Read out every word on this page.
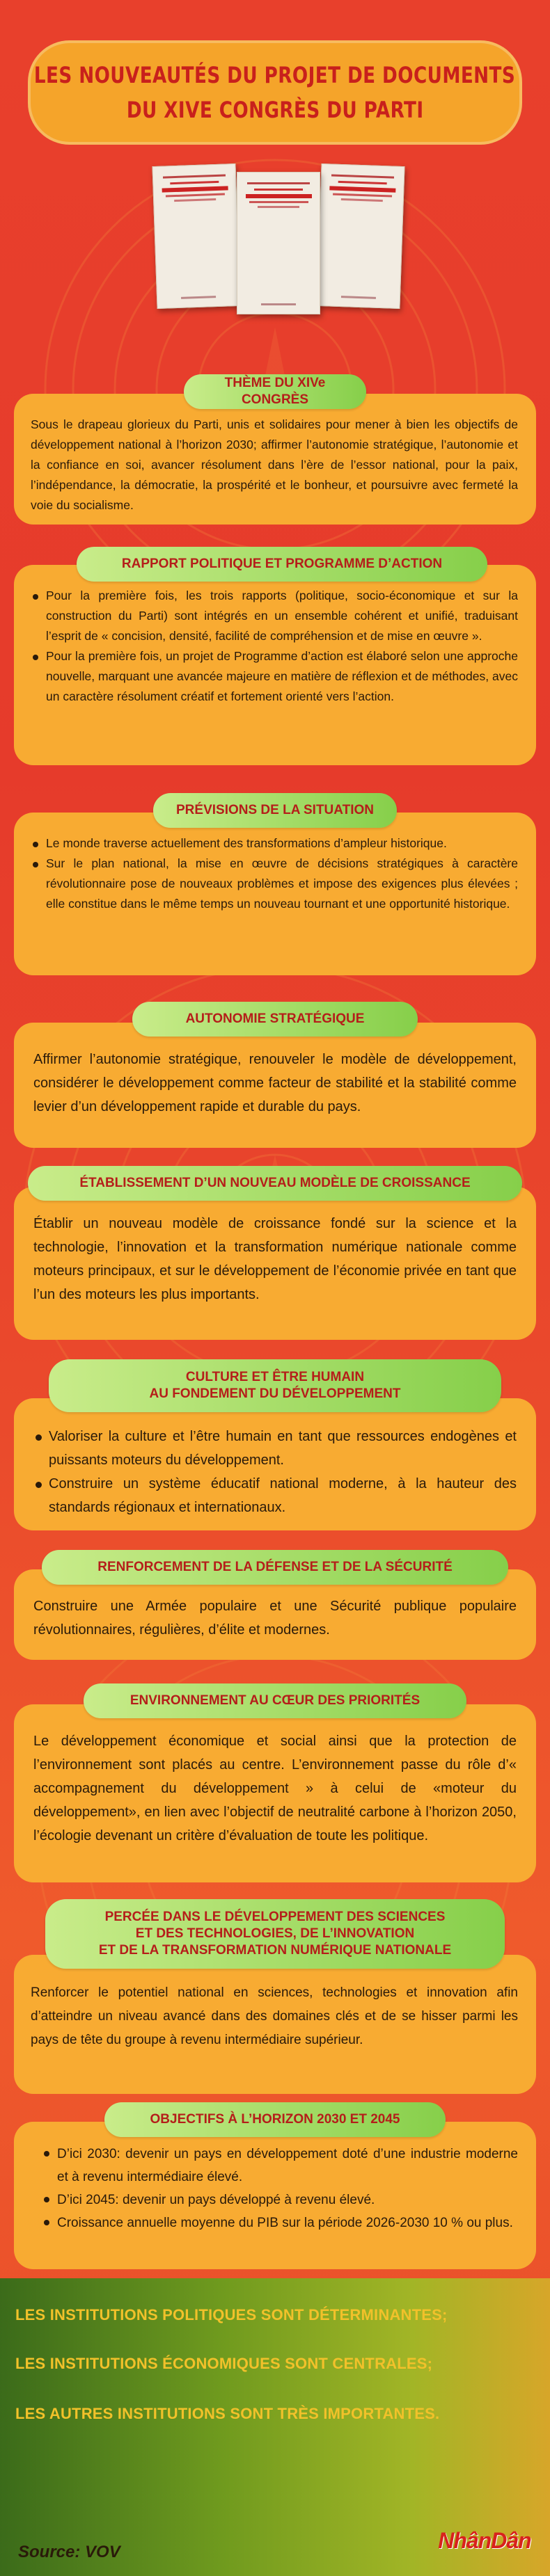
LES NOUVEAUTÉS DU PROJET DE DOCUMENTS
DU XIVE CONGRÈS DU PARTI
THÈME DU XIVe CONGRÈS

Sous le drapeau glorieux du Parti, unis et solidaires pour mener à bien les objectifs de développement national à l’horizon 2030; affirmer l’autonomie stratégique, l’autonomie et la confiance en soi, avancer résolument dans l’ère de l’essor national, pour la paix, l’indépendance, la démocratie, la prospérité et le bonheur, et poursuivre avec fermeté la voie du socialisme.

RAPPORT POLITIQUE ET PROGRAMME D’ACTION
Pour la première fois, les trois rapports (politique, socio-économique et sur la construction du Parti) sont intégrés en un ensemble cohérent et unifié, traduisant l’esprit de « concision, densité, facilité de compréhension et de mise en œuvre ».
Pour la première fois, un projet de Programme d’action est élaboré selon une approche nouvelle, marquant une avancée majeure en matière de réflexion et de méthodes, avec un caractère résolument créatif et fortement orienté vers l’action.
PRÉVISIONS DE LA SITUATION
Le monde traverse actuellement des transformations d’ampleur historique.
Sur le plan national, la mise en œuvre de décisions stratégiques à caractère révolutionnaire pose de nouveaux problèmes et impose des exigences plus élevées ; elle constitue dans le même temps un nouveau tournant et une opportunité historique.
AUTONOMIE STRATÉGIQUE

Affirmer l’autonomie stratégique, renouveler le modèle de développement, considérer le développement comme facteur de stabilité et la stabilité comme levier d’un développement rapide et durable du pays.

ÉTABLISSEMENT D’UN NOUVEAU MODÈLE DE CROISSANCE

Établir un nouveau modèle de croissance fondé sur la science et la technologie, l’innovation et la transformation numérique nationale comme moteurs principaux, et sur le développement de l’économie privée en tant que l’un des moteurs les plus importants.

CULTURE ET ÊTRE HUMAIN
AU FONDEMENT DU DÉVELOPPEMENT
Valoriser la culture et l’être humain en tant que ressources endogènes et puissants moteurs du développement.
Construire un système éducatif national moderne, à la hauteur des standards régionaux et internationaux.
RENFORCEMENT DE LA DÉFENSE ET DE LA SÉCURITÉ

Construire une Armée populaire et une Sécurité publique populaire révolutionnaires, régulières, d’élite et modernes.

ENVIRONNEMENT AU CŒUR DES PRIORITÉS

Le développement économique et social ainsi que la protection de l’environnement sont placés au centre. L’environnement passe du rôle d’« accompagnement du développement » à celui de «moteur du développement», en lien avec l’objectif de neutralité carbone à l’horizon 2050, l’écologie devenant un critère d’évaluation de toute les politique.

PERCÉE DANS LE DÉVELOPPEMENT DES SCIENCES
ET DES TECHNOLOGIES, DE L’INNOVATION
ET DE LA TRANSFORMATION NUMÉRIQUE NATIONALE

Renforcer le potentiel national en sciences, technologies et innovation afin d’atteindre un niveau avancé dans des domaines clés et de se hisser parmi les pays de tête du groupe à revenu intermédiaire supérieur.

OBJECTIFS À L’HORIZON 2030 ET 2045
D’ici 2030: devenir un pays en développement doté d’une industrie moderne et à revenu intermédiaire élevé.
D’ici 2045: devenir un pays développé à revenu élevé.
Croissance annuelle moyenne du PIB sur la période 2026-2030 10 % ou plus.
LES INSTITUTIONS POLITIQUES SONT DÉTERMINANTES;
LES INSTITUTIONS ÉCONOMIQUES SONT CENTRALES;
LES AUTRES INSTITUTIONS SONT TRÈS IMPORTANTES.
Source: VOV	NhânDân
